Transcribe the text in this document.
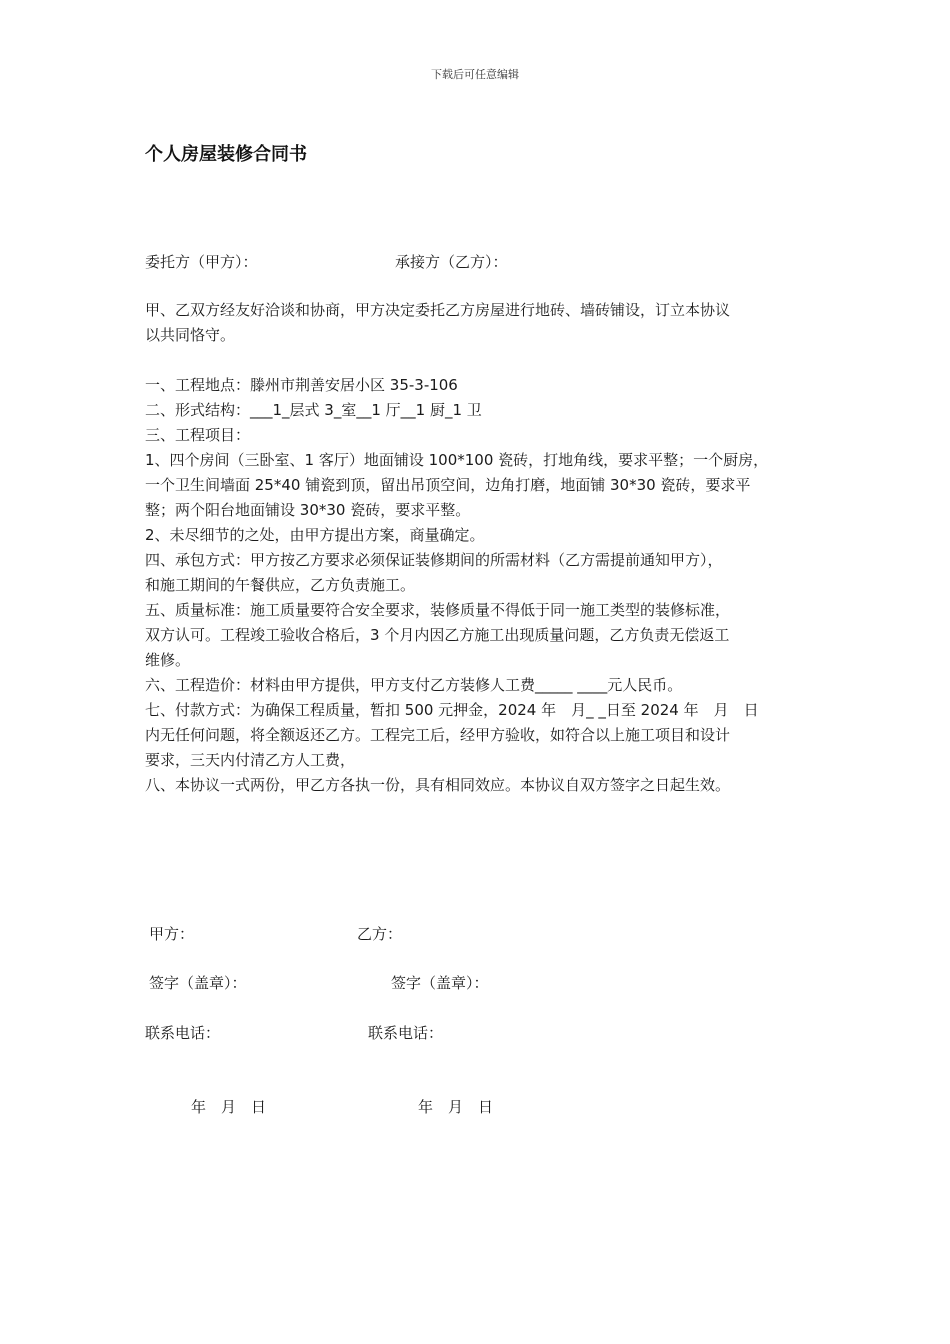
下载后可任意编辑
个人房屋装修合同书
委托方（甲方）：	承接方（乙方）：
甲、乙双方经友好洽谈和协商，甲方决定委托乙方房屋进行地砖、墙砖铺设，订立本协议
以共同恪守。
一、工程地点：滕州市荆善安居小区 35-3-106
二、形式结构：___1_层式 3_室__1 厅__1 厨_1 卫
三、工程项目：
1、四个房间（三卧室、1 客厅）地面铺设 100*100 瓷砖，打地角线，要求平整；一个厨房，
一个卫生间墙面 25*40 铺瓷到顶，留出吊顶空间，边角打磨，地面铺 30*30 瓷砖，要求平
整；两个阳台地面铺设 30*30 瓷砖，要求平整。
2、未尽细节的之处，由甲方提出方案，商量确定。
四、承包方式：甲方按乙方要求必须保证装修期间的所需材料（乙方需提前通知甲方），
和施工期间的午餐供应，乙方负责施工。
五、质量标准：施工质量要符合安全要求，装修质量不得低于同一施工类型的装修标准，
双方认可。工程竣工验收合格后，3 个月内因乙方施工出现质量问题，乙方负责无偿返工
维修。
六、工程造价：材料由甲方提供，甲方支付乙方装修人工费_____ ____元人民币。
七、付款方式：为确保工程质量，暂扣 500 元押金，2024 年　月_ _日至 2024 年　月　日
内无任何问题，将全额返还乙方。工程完工后，经甲方验收，如符合以上施工项目和设计
要求，三天内付清乙方人工费，
八、本协议一式两份，甲乙方各执一份，具有相同效应。本协议自双方签字之日起生效。
甲方：	乙方：
签字（盖章）：	签字（盖章）：
联系电话：	联系电话：
年　月　日	年　月　日
